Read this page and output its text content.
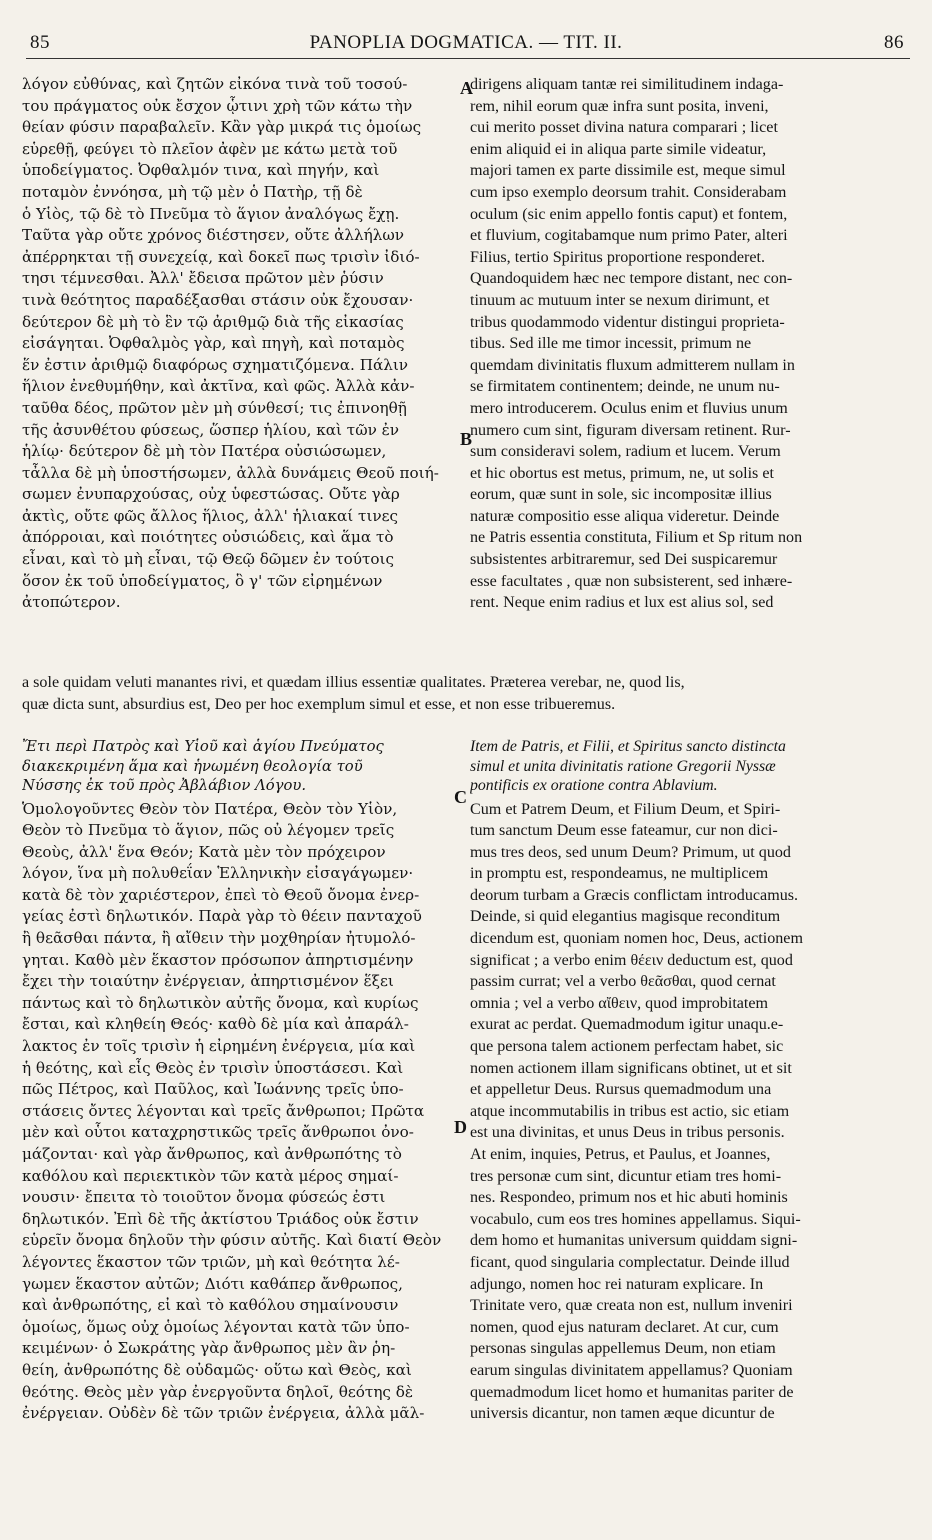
85	PANOPLIA DOGMATICA. — TIT. II.	86
A
B
C
D
λόγον εὐθύνας, καὶ ζητῶν εἰκόνα τινὰ τοῦ τοσού-
του πράγματος οὐκ ἔσχον ᾧτινι χρὴ τῶν κάτω τὴν
θείαν φύσιν παραβαλεῖν. Κἂν γὰρ μικρά τις ὁμοίως
εὑρεθῇ, φεύγει τὸ πλεῖον ἀφὲν με κάτω μετὰ τοῦ
ὑποδείγματος. Ὀφθαλμόν τινα, καὶ πηγήν, καὶ
ποταμὸν ἐννόησα, μὴ τῷ μὲν ὁ Πατὴρ, τῇ δὲ
ὁ Υἱὸς, τῷ δὲ τὸ Πνεῦμα τὸ ἅγιον ἀναλόγως ἔχῃ.
Ταῦτα γὰρ οὔτε χρόνος διέστησεν, οὔτε ἀλλήλων
ἀπέρρηκται τῇ συνεχείᾳ, καὶ δοκεῖ πως τρισὶν ἰδιό-
τησι τέμνεσθαι. Ἀλλ' ἔδεισα πρῶτον μὲν ῥύσιν
τινὰ θεότητος παραδέξασθαι στάσιν οὐκ ἔχουσαν·
δεύτερον δὲ μὴ τὸ ἓν τῷ ἀριθμῷ διὰ τῆς εἰκασίας
εἰσάγηται. Ὀφθαλμὸς γὰρ, καὶ πηγὴ, καὶ ποταμὸς
ἕν ἐστιν ἀριθμῷ διαφόρως σχηματιζόμενα. Πάλιν
ἥλιον ἐνεθυμήθην, καὶ ἀκτῖνα, καὶ φῶς. Ἀλλὰ κἀν-
ταῦθα δέος, πρῶτον μὲν μὴ σύνθεσί; τις ἐπινοηθῇ
τῆς ἀσυνθέτου φύσεως, ὥσπερ ἡλίου, καὶ τῶν ἐν
ἡλίῳ· δεύτερον δὲ μὴ τὸν Πατέρα οὐσιώσωμεν,
τἆλλα δὲ μὴ ὑποστήσωμεν, ἀλλὰ δυνάμεις Θεοῦ ποιή-
σωμεν ἐνυπαρχούσας, οὐχ ὑφεστώσας. Οὔτε γὰρ
ἀκτὶς, οὔτε φῶς ἄλλος ἥλιος, ἀλλ' ἡλιακαί τινες
ἀπόρροιαι, καὶ ποιότητες οὐσιώδεις, καὶ ἅμα τὸ
εἶναι, καὶ τὸ μὴ εἶναι, τῷ Θεῷ δῶμεν ἐν τούτοις
ὅσον ἐκ τοῦ ὑποδείγματος, ὃ γ' τῶν εἰρημένων
ἀτοπώτερον.
dirigens aliquam tantæ rei similitudinem indaga-
rem, nihil eorum quæ infra sunt posita, inveni,
cui merito posset divina natura comparari ; licet
enim aliquid ei in aliqua parte simile videatur,
majori tamen ex parte dissimile est, meque simul
cum ipso exemplo deorsum trahit. Considerabam
oculum (sic enim appello fontis caput) et fontem,
et fluvium, cogitabamque num primo Pater, alteri
Filius, tertio Spiritus proportione responderet.
Quandoquidem hæc nec tempore distant, nec con-
tinuum ac mutuum inter se nexum dirimunt, et
tribus quodammodo videntur distingui proprieta-
tibus. Sed ille me timor incessit, primum ne
quemdam divinitatis fluxum admitterem nullam in
se firmitatem continentem; deinde, ne unum nu-
mero introducerem. Oculus enim et fluvius unum
numero cum sint, figuram diversam retinent. Rur-
sum consideravi solem, radium et lucem. Verum
et hic obortus est metus, primum, ne, ut solis et
eorum, quæ sunt in sole, sic incompositæ illius
naturæ compositio esse aliqua videretur. Deinde
ne Patris essentia constituta, Filium et Sp ritum non
subsistentes arbitraremur, sed Dei suspicaremur
esse facultates , quæ non subsisterent, sed inhære-
rent. Neque enim radius et lux est alius sol, sed
a sole quidam veluti manantes rivi, et quædam illius essentiæ qualitates. Præterea verebar, ne, quod lis,
quæ dicta sunt, absurdius est, Deo per hoc exemplum simul et esse, et non esse tribueremus.
Ἔτι περὶ Πατρὸς καὶ Υἱοῦ καὶ ἁγίου Πνεύματος
διακεκριμένη ἅμα καὶ ἡνωμένη θεολογία τοῦ
Νύσσης ἐκ τοῦ πρὸς Ἀβλάβιον Λόγου.
Ὁμολογοῦντες Θεὸν τὸν Πατέρα, Θεὸν τὸν Υἱὸν,
Θεὸν τὸ Πνεῦμα τὸ ἅγιον, πῶς οὐ λέγομεν τρεῖς
Θεοὺς, ἀλλ' ἕνα Θεόν; Κατὰ μὲν τὸν πρόχειρον
λόγον, ἵνα μὴ πολυθεΐαν Ἑλληνικὴν εἰσαγάγωμεν·
κατὰ δὲ τὸν χαριέστερον, ἐπεὶ τὸ Θεοῦ ὄνομα ἐνερ-
γείας ἐστὶ δηλωτικόν. Παρὰ γὰρ τὸ θέειν πανταχοῦ
ἢ θεᾶσθαι πάντα, ἢ αἴθειν τὴν μοχθηρίαν ἠτυμολό-
γηται. Καθὸ μὲν ἕκαστον πρόσωπον ἀπηρτισμένην
ἔχει τὴν τοιαύτην ἐνέργειαν, ἀπηρτισμένον ἕξει
πάντως καὶ τὸ δηλωτικὸν αὐτῆς ὄνομα, καὶ κυρίως
ἔσται, καὶ κληθείη Θεός· καθὸ δὲ μία καὶ ἀπαράλ-
λακτος ἐν τοῖς τρισὶν ἡ εἰρημένη ἐνέργεια, μία καὶ
ἡ θεότης, καὶ εἷς Θεὸς ἐν τρισὶν ὑποστάσεσι. Καὶ
πῶς Πέτρος, καὶ Παῦλος, καὶ Ἰωάννης τρεῖς ὑπο-
στάσεις ὄντες λέγονται καὶ τρεῖς ἄνθρωποι; Πρῶτα
μὲν καὶ οὗτοι καταχρηστικῶς τρεῖς ἄνθρωποι ὀνο-
μάζονται· καὶ γὰρ ἄνθρωπος, καὶ ἀνθρωπότης τὸ
καθόλου καὶ περιεκτικὸν τῶν κατὰ μέρος σημαί-
νουσιν· ἔπειτα τὸ τοιοῦτον ὄνομα φύσεώς ἐστι
δηλωτικόν. Ἐπὶ δὲ τῆς ἀκτίστου Τριάδος οὐκ ἔστιν
εὑρεῖν ὄνομα δηλοῦν τὴν φύσιν αὐτῆς. Καὶ διατί Θεὸν
λέγοντες ἕκαστον τῶν τριῶν, μὴ καὶ θεότητα λέ-
γωμεν ἕκαστον αὐτῶν; Διότι καθάπερ ἄνθρωπος,
καὶ ἀνθρωπότης, εἰ καὶ τὸ καθόλου σημαίνουσιν
ὁμοίως, ὅμως οὐχ ὁμοίως λέγονται κατὰ τῶν ὑπο-
κειμένων· ὁ Σωκράτης γὰρ ἄνθρωπος μὲν ἂν ῥη-
θείη, ἀνθρωπότης δὲ οὐδαμῶς· οὕτω καὶ Θεὸς, καὶ
θεότης. Θεὸς μὲν γὰρ ἐνεργοῦντα δηλοῖ, θεότης δὲ
ἐνέργειαν. Οὐδὲν δὲ τῶν τριῶν ἐνέργεια, ἀλλὰ μᾶλ-
Item de Patris, et Filii, et Spiritus sancto distincta
simul et unita divinitatis ratione Gregorii Nyssæ
pontificis ex oratione contra Ablavium.
Cum et Patrem Deum, et Filium Deum, et Spiri-
tum sanctum Deum esse fateamur, cur non dici-
mus tres deos, sed unum Deum? Primum, ut quod
in promptu est, respondeamus, ne multiplicem
deorum turbam a Græcis conflictam introducamus.
Deinde, si quid elegantius magisque reconditum
dicendum est, quoniam nomen hoc, Deus, actionem
significat ; a verbo enim θέειν deductum est, quod
passim currat; vel a verbo θεᾶσθαι, quod cernat
omnia ; vel a verbo αἴθειν, quod improbitatem
exurat ac perdat. Quemadmodum igitur unaqu.e-
que persona talem actionem perfectam habet, sic
nomen actionem illam significans obtinet, ut et sit
et appelletur Deus. Rursus quemadmodum una
atque incommutabilis in tribus est actio, sic etiam
est una divinitas, et unus Deus in tribus personis.
At enim, inquies, Petrus, et Paulus, et Joannes,
tres personæ cum sint, dicuntur etiam tres homi-
nes. Respondeo, primum nos et hic abuti hominis
vocabulo, cum eos tres homines appellamus. Siqui-
dem homo et humanitas universum quiddam signi-
ficant, quod singularia complectatur. Deinde illud
adjungo, nomen hoc rei naturam explicare. In
Trinitate vero, quæ creata non est, nullum inveniri
nomen, quod ejus naturam declaret. At cur, cum
personas singulas appellemus Deum, non etiam
earum singulas divinitatem appellamus? Quoniam
quemadmodum licet homo et humanitas pariter de
universis dicantur, non tamen æque dicuntur de
